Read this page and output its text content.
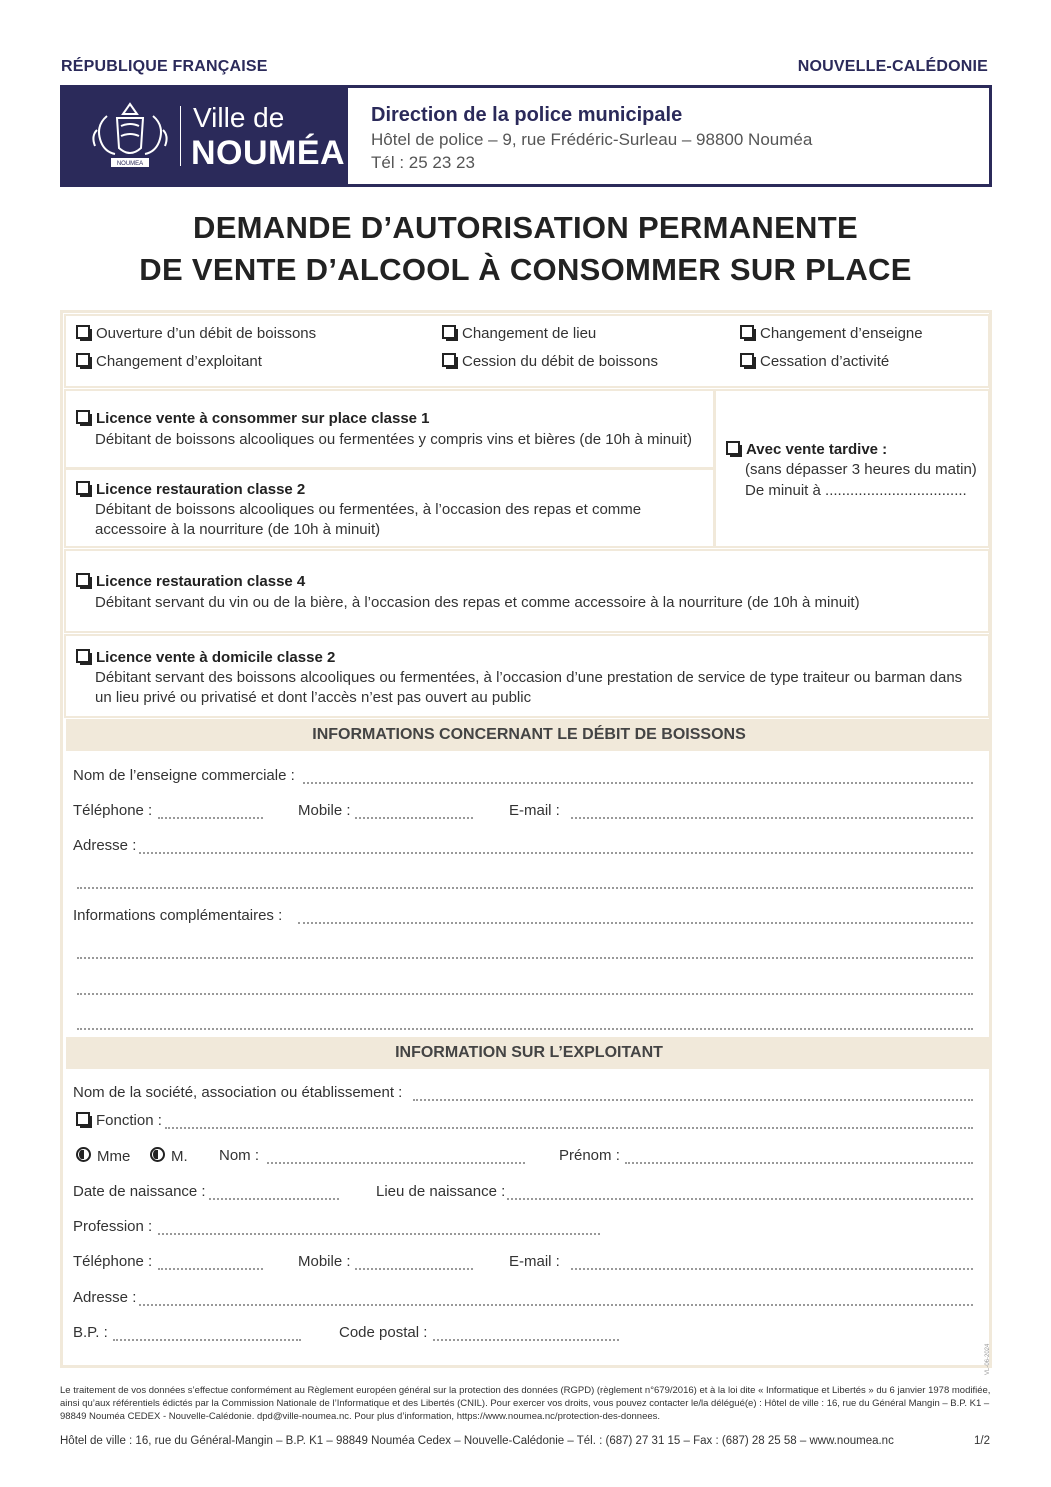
RÉPUBLIQUE FRANÇAISE	NOUVELLE-CALÉDONIE
NOUMEA
Ville de
NOUMÉA
Direction de la police municipale
Hôtel de police – 9, rue Frédéric-Surleau – 98800 Nouméa
Tél : 25 23 23
DEMANDE D’AUTORISATION PERMANENTE
DE VENTE D’ALCOOL À CONSOMMER SUR PLACE
Ouverture d’un débit de boissons	Changement de lieu	Changement d’enseigne
Changement d’exploitant	Cession du débit de boissons	Cessation d’activité
Licence vente à consommer sur place classe 1
Débitant de boissons alcooliques ou fermentées y compris vins et bières (de 10h à minuit)
Licence restauration classe 2
Débitant de boissons alcooliques ou fermentées, à l’occasion des repas et comme
accessoire à la nourriture (de 10h à minuit)
Avec vente tardive :
(sans dépasser 3 heures du matin)
De minuit à ..................................
Licence restauration classe 4
Débitant servant du vin ou de la bière, à l’occasion des repas et comme accessoire à la nourriture (de 10h à minuit)
Licence vente à domicile classe 2
Débitant servant des boissons alcooliques ou fermentées, à l’occasion d’une prestation de service de type traiteur ou barman dans
un lieu privé ou privatisé et dont l’accès n’est pas ouvert au public
INFORMATIONS CONCERNANT LE DÉBIT DE BOISSONS
Nom de l’enseigne commerciale :
Téléphone :	Mobile :	E-mail :
Adresse :
Informations complémentaires :
INFORMATION SUR L’EXPLOITANT
Nom de la société, association ou établissement :
Fonction :
Mme	M. Nom :	Prénom :
Date de naissance :	Lieu de naissance :
Profession :
Téléphone :	Mobile :	E-mail :
Adresse :
B.P. :	Code postal :
VL-06-2024
Le traitement de vos données s’effectue conformément au Règlement européen général sur la protection des données (RGPD) (règlement n°679/2016) et à la loi dite « Informatique et Libertés » du 6 janvier 1978 modifiée,
ainsi qu’aux référentiels édictés par la Commission Nationale de l’Informatique et des Libertés (CNIL). Pour exercer vos droits, vous pouvez contacter le/la délégué(e) : Hôtel de ville : 16, rue du Général Mangin – B.P. K1 –
98849 Nouméa CEDEX - Nouvelle-Calédonie. dpd@ville-noumea.nc. Pour plus d’information, https://www.noumea.nc/protection-des-donnees.
Hôtel de ville : 16, rue du Général-Mangin – B.P. K1 – 98849 Nouméa Cedex – Nouvelle-Calédonie – Tél. : (687) 27 31 15 – Fax : (687) 28 25 58 – www.noumea.nc	1/2
